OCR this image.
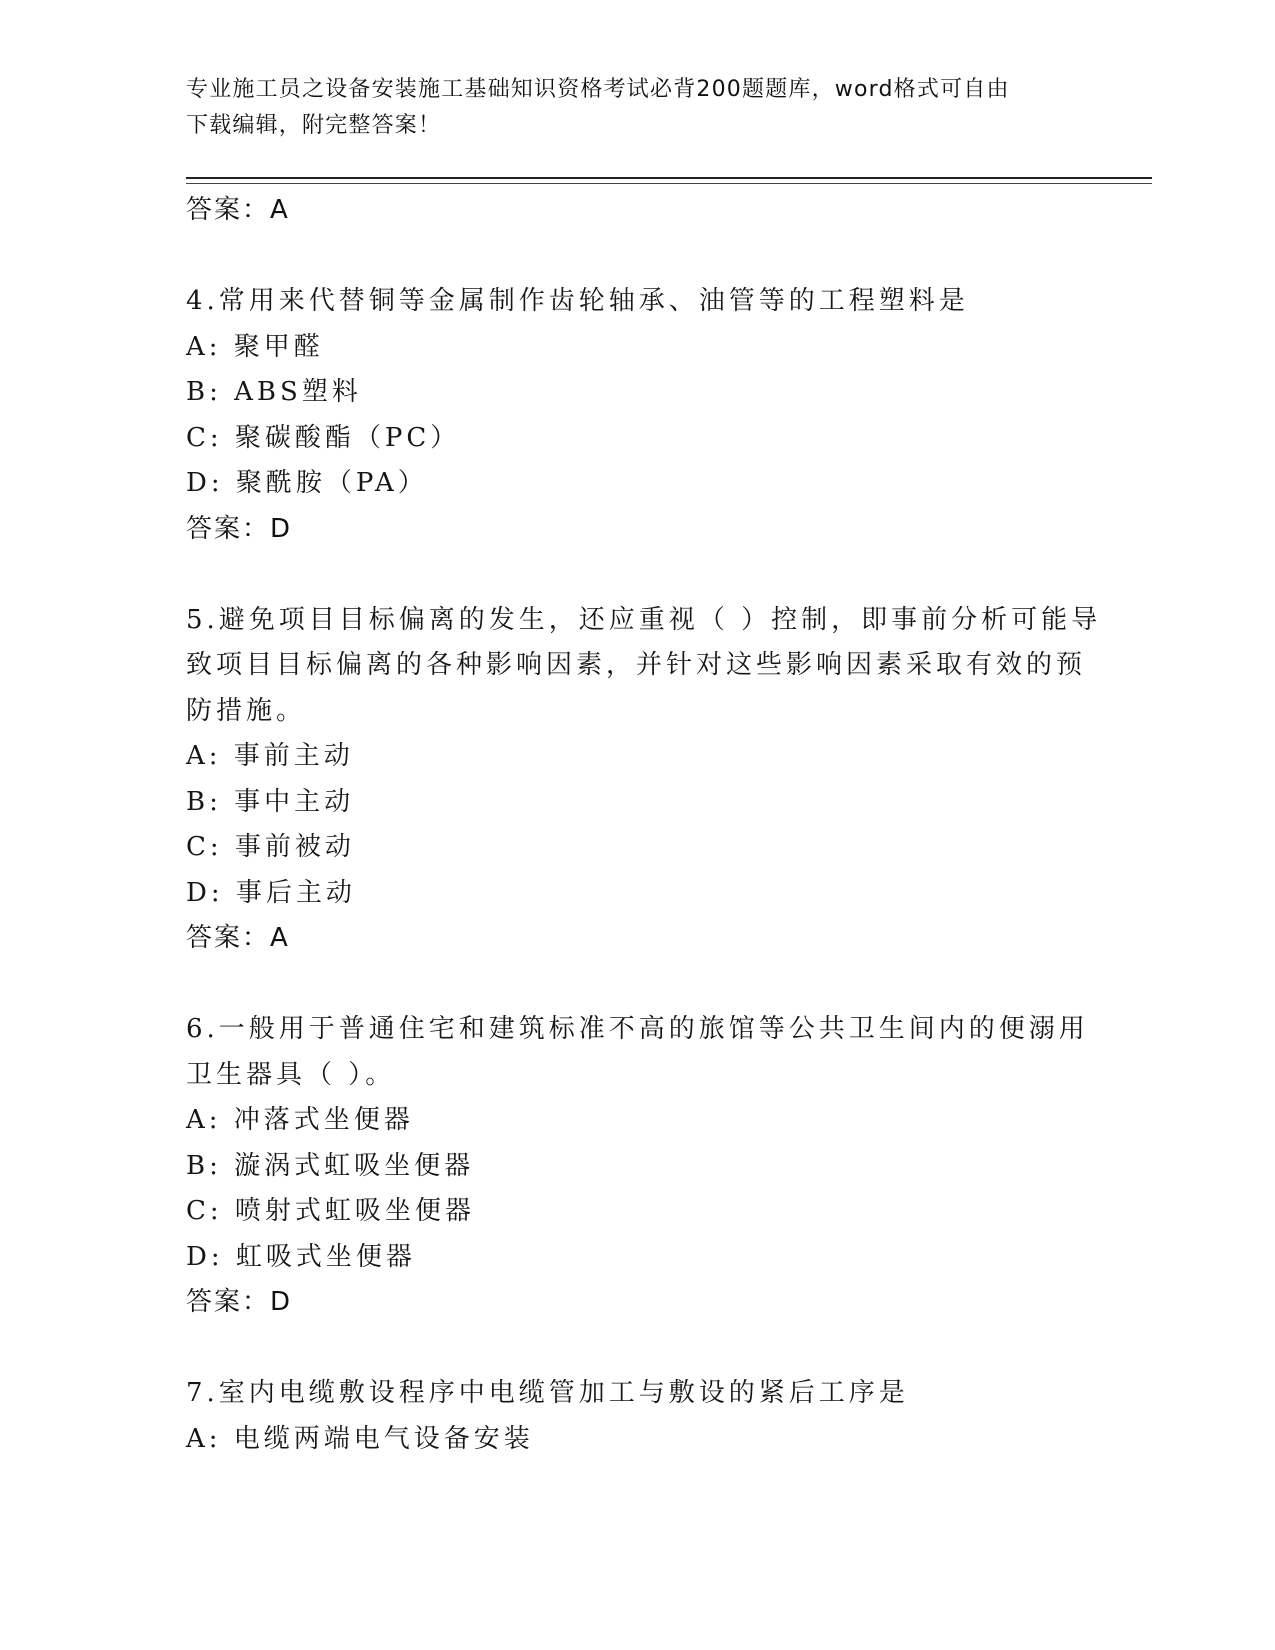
专业施工员之设备安装施工基础知识资格考试必背200题题库，word格式可自由
下载编辑，附完整答案！
答案：A
4.常用来代替铜等金属制作齿轮轴承、油管等的工程塑料是
A: 聚甲醛
B: ABS塑料
C: 聚碳酸酯（PC）
D: 聚酰胺（PA）
答案：D
5.避免项目目标偏离的发生，还应重视（ ）控制，即事前分析可能导
致项目目标偏离的各种影响因素，并针对这些影响因素采取有效的预
防措施。
A: 事前主动
B: 事中主动
C: 事前被动
D: 事后主动
答案：A
6.一般用于普通住宅和建筑标准不高的旅馆等公共卫生间内的便溺用
卫生器具（ ）。
A: 冲落式坐便器
B: 漩涡式虹吸坐便器
C: 喷射式虹吸坐便器
D: 虹吸式坐便器
答案：D
7.室内电缆敷设程序中电缆管加工与敷设的紧后工序是
A: 电缆两端电气设备安装
